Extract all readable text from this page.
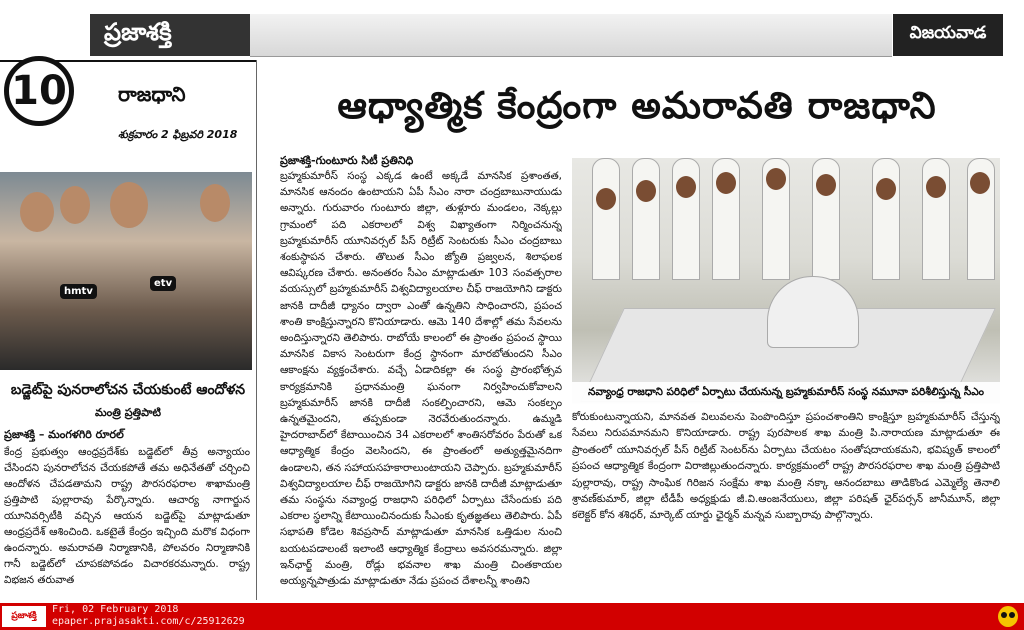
ప్రజాశక్తి	విజయవాడ
10	రాజధాని
శుక్రవారం 2 ఫిబ్రవరి 2018
hmtv
etv
బడ్జెట్‌పై పునరాలోచన చేయకుంటే ఆందోళన
మంత్రి ప్రత్తిపాటి
ప్రజాశక్తి – మంగళగిరి రూరల్
కేంద్ర ప్రభుత్వం ఆంధ్రప్రదేశ్‌కు బడ్జెట్‌లో తీవ్ర అన్యాయం చేసిందని పునరాలోచన చేయకపోతే తమ అధినేతతో చర్చించి ఆందోళన చేపడతామని రాష్ట్ర పౌరసరఫరాల శాఖామంత్రి ప్రత్తిపాటి పుల్లారావు పేర్కొన్నారు. ఆచార్య నాగార్జున యూనివర్సిటీకి వచ్చిన ఆయన బడ్జెట్‌పై మాట్లాడుతూ ఆంధ్రప్రదేశ్ ఆశించింది. ఒకటైతే కేంద్రం ఇచ్చింది మరొక విధంగా ఉందన్నారు. అమరావతి నిర్మాణానికి, పోలవరం నిర్మాణానికి గానీ బడ్జెట్‌లో చూపకపోవడం విచారకరమన్నారు. రాష్ట్ర విభజన తరువాత
ఆధ్యాత్మిక కేంద్రంగా అమరావతి రాజధాని
ప్రజాశక్తి-గుంటూరు సిటీ ప్రతినిధి
బ్రహ్మకుమారీస్ సంస్థ ఎక్కడ ఉంటే అక్కడే మానసిక ప్రశాంతత, మానసిక ఆనందం ఉంటాయని ఏపీ సీఎం నారా చంద్రబాబునాయుడు అన్నారు. గురువారం గుంటూరు జిల్లా, తుళ్లూరు మండలం, నెక్కల్లు గ్రామంలో పది ఎకరాలలో విశ్వ విఖ్యాతంగా నిర్మించనున్న బ్రహ్మకుమారీస్ యూనివర్సల్ పీస్ రిట్రీట్ సెంటరుకు సీఎం చంద్రబాబు శంకుస్థాపన చేశారు. తొలుత సీఎం జ్యోతి ప్రజ్వలన, శిలాఫలక ఆవిష్కరణ చేశారు. అనంతరం సీఎం మాట్లాడుతూ 103 సంవత్సరాల వయస్సులో బ్రహ్మకుమారీస్ విశ్వవిద్యాలయాల చీఫ్ రాజయోగిని డాక్టరు జానకి దాదీజీ ధ్యానం ద్వారా ఎంతో ఉన్నతిని సాధించారని, ప్రపంచ శాంతి కాంక్షిస్తున్నారని కొనియాడారు. ఆమె 140 దేశాల్లో తమ సేవలను అందిస్తున్నారని తెలిపారు. రాబోయే కాలంలో ఈ ప్రాంతం ప్రపంచ స్థాయి మానసిక వికాస సెంటరుగా కేంద్ర స్థానంగా మారబోతుందని సీఎం ఆకాంక్షను వ్యక్తంచేశారు. వచ్చే ఏడాదికల్లా ఈ సంస్థ ప్రారంభోత్సవ కార్యక్రమానికి ప్రధానమంత్రి ఘనంగా నిర్వహించుకోవాలని బ్రహ్మకుమారీస్ జానకి దాదీజీ సంకల్పించారని, ఆమె సంకల్పం ఉన్నతమైందని, తప్పకుండా నెరవేరుతుందన్నారు. ఉమ్మడి హైదరాబాద్‌లో కేటాయించిన 34 ఎకరాలలో శాంతిసరోవరం పేరుతో ఒక ఆధ్యాత్మిక కేంద్రం వెలసిందని, ఈ ప్రాంతంలో అత్యుత్తమైనదిగా ఉండాలని, తన సహాయసహకారాలుంటాయని చెప్పారు. బ్రహ్మకుమారీస్ విశ్వవిద్యాలయాల చీఫ్ రాజయోగిని డాక్టరు జానకి దాదీజీ మాట్లాడుతూ తమ సంస్థను నవ్యాంధ్ర రాజధాని పరిధిలో ఏర్పాటు చేసేందుకు పది ఎకరాల స్థలాన్ని కేటాయించినందుకు సీఎంకు కృతజ్ఞతలు తెలిపారు. ఏపీ సభాపతి కోడెల శివప్రసాద్ మాట్లాడుతూ మానసిక ఒత్తిడుల నుంచి బయటపడాలంటే ఇలాంటి ఆధ్యాత్మిక కేంద్రాలు అవసరమన్నారు. జిల్లా ఇన్‌ఛార్జ్ మంత్రి, రోడ్లు భవనాల శాఖ మంత్రి చింతకాయల అయ్యన్నపాత్రుడు మాట్లాడుతూ నేడు ప్రపంచ దేశాలన్నీ శాంతిని
నవ్యాంధ్ర రాజధాని పరిధిలో ఏర్పాటు చేయనున్న బ్రహ్మకుమారీస్ సంస్థ నమూనా పరిశీలిస్తున్న సీఎం
కోరుకుంటున్నాయని, మానవత విలువలను పెంపొందిస్తూ ప్రపంచశాంతిని కాంక్షిస్తూ బ్రహ్మకుమారీస్ చేస్తున్న సేవలు నిరుపమానమని కొనియాడారు. రాష్ట్ర పురపాలక శాఖ మంత్రి పి.నారాయణ మాట్లాడుతూ ఈ ప్రాంతంలో యూనివర్సల్ పీస్ రిట్రీట్ సెంటర్‌ను ఏర్పాటు చేయటం సంతోషదాయకమని, భవిష్యత్ కాలంలో ప్రపంచ ఆధ్యాత్మిక కేంద్రంగా విరాజిల్లుతుందన్నారు. కార్యక్రమంలో రాష్ట్ర పౌరసరఫరాల శాఖ మంత్రి ప్రత్తిపాటి పుల్లారావు, రాష్ట్ర సాంఘిక గిరిజన సంక్షేమ శాఖ మంత్రి నక్కా ఆనందబాబు తాడికొండ ఎమ్మెల్యే తెనాలి శ్రావణ్‌కుమార్, జిల్లా టీడీపీ అధ్యక్షుడు జీ.వి.ఆంజనేయులు, జిల్లా పరిషత్ ఛైర్‌పర్సన్ జానీమూన్, జిల్లా కలెక్టర్ కోన శశిధర్, మార్కెట్ యార్డు ఛైర్మన్ మన్నవ సుబ్బారావు పాల్గొన్నారు.
ప్రజాశక్తి
Fri, 02 February 2018
epaper.prajasakti.com/c/25912629
